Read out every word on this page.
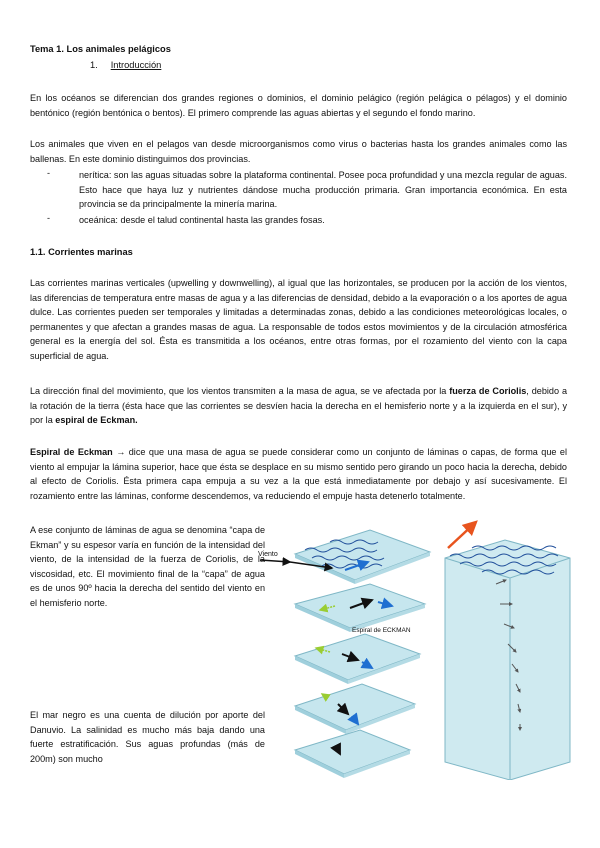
Tema 1. Los animales pelágicos

1. Introducción

En los océanos se diferencian dos grandes regiones o dominios, el dominio pelágico (región pelágica o pélagos) y el dominio bentónico (región bentónica o bentos). El primero comprende las aguas abiertas y el segundo el fondo marino.

Los animales que viven en el pelagos van desde microorganismos como virus o bacterias hasta los grandes animales como las ballenas. En este dominio distinguimos dos provincias.

-	nerítica: son las aguas situadas sobre la plataforma continental. Posee poca profundidad y una mezcla regular de aguas. Esto hace que haya luz y nutrientes dándose mucha producción primaria. Gran importancia económica. En esta provincia se da principalmente la minería marina.

-	oceánica: desde el talud continental hasta las grandes fosas.

1.1. Corrientes marinas

Las corrientes marinas verticales (upwelling y downwelling), al igual que las horizontales, se producen por la acción de los vientos, las diferencias de temperatura entre masas de agua y a las diferencias de densidad, debido a la evaporación o a los aportes de agua dulce. Las corrientes pueden ser temporales y limitadas a determinadas zonas, debido a las condiciones meteorológicas locales, o permanentes y que afectan a grandes masas de agua. La responsable de todos estos movimientos y de la circulación atmosférica general es la energía del sol. Ésta es transmitida a los océanos, entre otras formas, por el rozamiento del viento con la capa superficial de agua.

La dirección final del movimiento, que los vientos transmiten a la masa de agua, se ve afectada por la fuerza de Coriolis, debido a la rotación de la tierra (ésta hace que las corrientes se desvíen hacia la derecha en el hemisferio norte y a la izquierda en el sur), y por la espiral de Eckman.

Espiral de Eckman → dice que una masa de agua se puede considerar como un conjunto de láminas o capas, de forma que el viento al empujar la lámina superior, hace que ésta se desplace en su mismo sentido pero girando un poco hacia la derecha, debido al efecto de Coriolis. Ésta primera capa empuja a su vez a la que está inmediatamente por debajo y así sucesivamente. El rozamiento entre las láminas, conforme descendemos, va reduciendo el empuje hasta detenerlo totalmente.

A ese conjunto de láminas de agua se denomina “capa de Ekman” y su espesor varía en función de la intensidad del viento, de la intensidad de la fuerza de Coriolis, de la viscosidad, etc. El movimiento final de la “capa” de agua es de unos 90º hacia la derecha del sentido del viento en el hemisferio norte.

El mar negro es una cuenta de dilución por aporte del Danuvio. La salinidad es mucho más baja dando una fuerte estratificación. Sus aguas profundas (más de 200m) son mucho

Viento
Espiral de ECKMAN
